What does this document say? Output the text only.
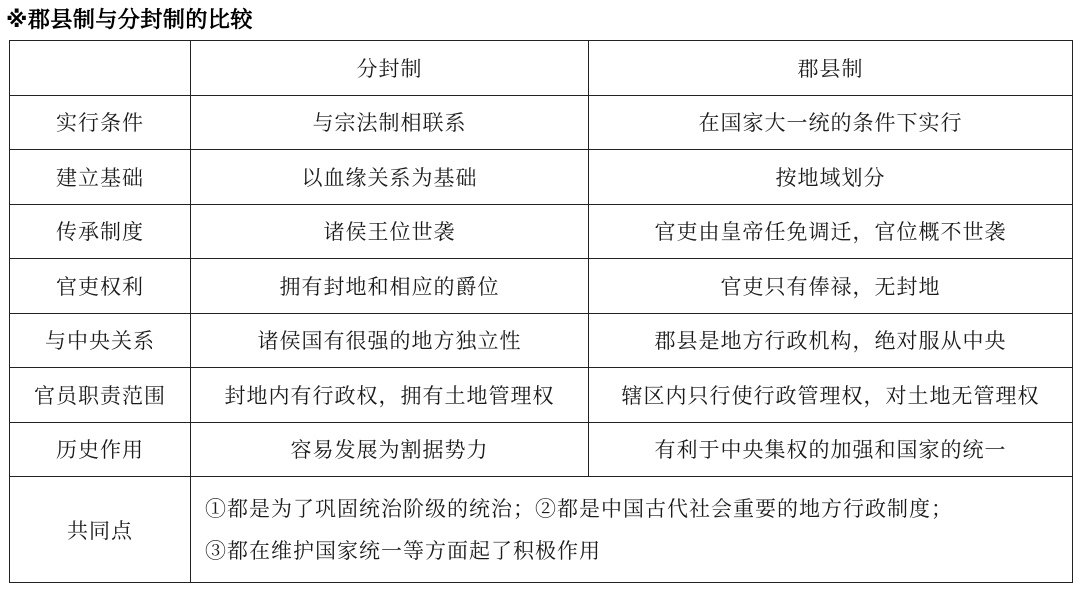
※郡县制与分封制的比较
	分封制	郡县制
实行条件	与宗法制相联系	在国家大一统的条件下实行
建立基础	以血缘关系为基础	按地域划分
传承制度	诸侯王位世袭	官吏由皇帝任免调迁，官位概不世袭
官吏权利	拥有封地和相应的爵位	官吏只有俸禄，无封地
与中央关系	诸侯国有很强的地方独立性	郡县是地方行政机构，绝对服从中央
官员职责范围	封地内有行政权，拥有土地管理权	辖区内只行使行政管理权，对土地无管理权
历史作用	容易发展为割据势力	有利于中央集权的加强和国家的统一
共同点	①都是为了巩固统治阶级的统治；②都是中国古代社会重要的地方行政制度；
③都在维护国家统一等方面起了积极作用	
